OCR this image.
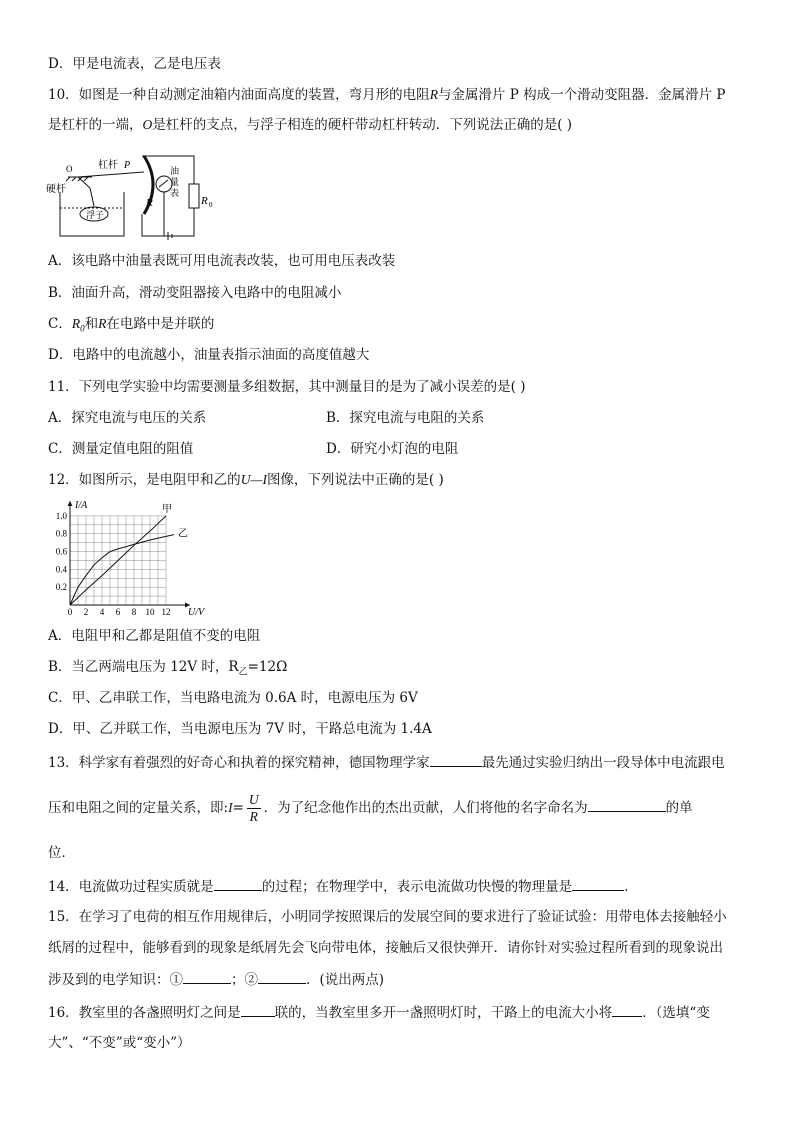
D．甲是电流表，乙是电压表
10．如图是一种自动测定油箱内油面高度的装置，弯月形的电阻R与金属滑片 P 构成一个滑动变阻器．金属滑片 P
是杠杆的一端，O是杠杆的支点，与浮子相连的硬杆带动杠杆转动．下列说法正确的是( )
O	杠杆 P
硬杆
浮子
R
油
量
表
R 0
A．该电路中油量表既可用电流表改装，也可用电压表改装
B．油面升高，滑动变阻器接入电路中的电阻减小
C．$R_0$和R在电路中是并联的
D．电路中的电流越小，油量表指示油面的高度值越大
11．下列电学实验中均需要测量多组数据，其中测量目的是为了减小误差的是( )
A．探究电流与电压的关系	B．探究电流与电阻的关系
C．测量定值电阻的阻值	D．研究小灯泡的电阻
12．如图所示，是电阻甲和乙的U—I图像，下列说法中正确的是( )
0 2 4 6 8 10 12
0.2
0.4
0.6
0.8
1.0
I/A
U/V
甲
乙
A．电阻甲和乙都是阻值不变的电阻
B．当乙两端电压为 12V 时，$R_乙=12\Omega$
C．甲、乙串联工作，当电路电流为 0.6A 时，电源电压为 6V
D．甲、乙并联工作，当电源电压为 7V 时，干路总电流为 1.4A
13．科学家有着强烈的好奇心和执着的探究精神，德国物理学家	最先通过实验归纳出一段导体中电流跟电
压和电阻之间的定量关系，即:I= $\frac{U}{R}$ ．为了纪念他作出的杰出贡献，人们将他的名字命名为	的单
位．
14．电流做功过程实质就是	的过程；在物理学中，表示电流做功快慢的物理量是	．
15．在学习了电荷的相互作用规律后，小明同学按照课后的发展空间的要求进行了验证试验：用带电体去接触轻小
纸屑的过程中，能够看到的现象是纸屑先会飞向带电体，接触后又很快弹开．请你针对实验过程所看到的现象说出
涉及到的电学知识：①	；②	．(说出两点)
16．教室里的各盏照明灯之间是	联的，当教室里多开一盏照明灯时，干路上的电流大小将 ．（选填“变
大”、“不变”或“变小”）
